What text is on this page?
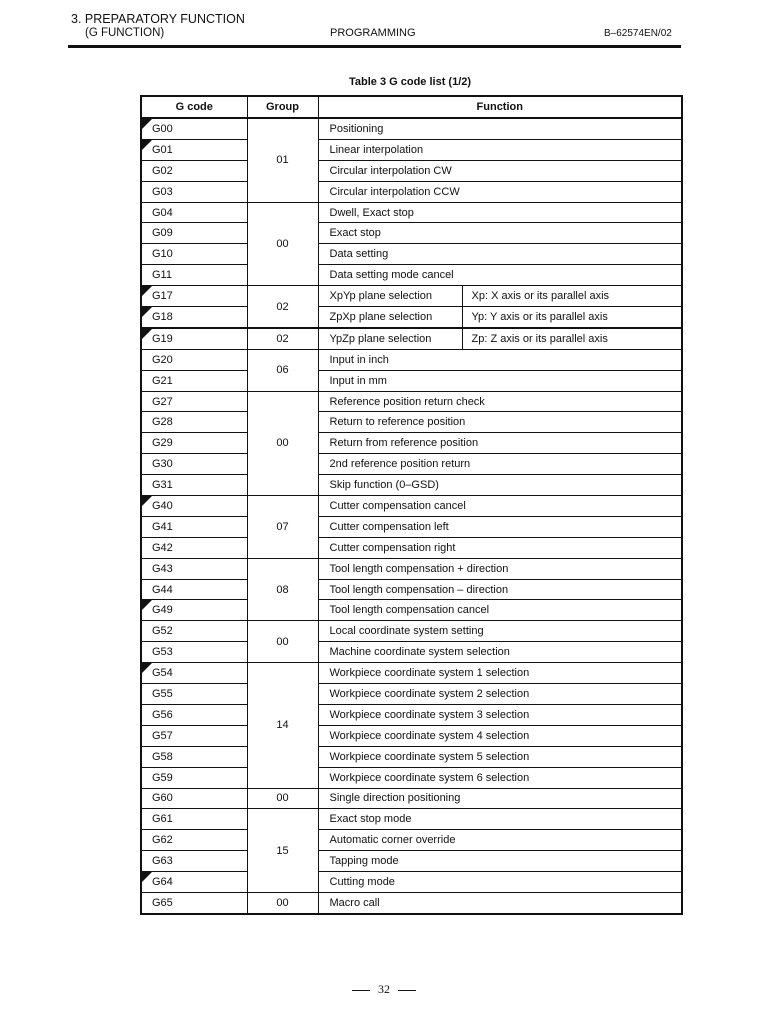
3. PREPARATORY FUNCTION
(G FUNCTION)	PROGRAMMING	B–62574EN/02
Table 3 G code list (1/2)
G code	Group	Function	

G00	01	Positioning	

G01		Linear interpolation	
G02		Circular interpolation CW	
G03		Circular interpolation CCW	
G04	00	Dwell, Exact stop	
G09		Exact stop	
G10		Data setting	
G11		Data setting mode cancel	

G17	02	XpYp plane selection	Xp: X axis or its parallel axis

G18		ZpXp plane selection	Yp: Y axis or its parallel axis

G19	02	YpZp plane selection	Zp: Z axis or its parallel axis
G20	06	Input in inch	
G21		Input in mm	
G27	00	Reference position return check	
G28		Return to reference position	
G29		Return from reference position	
G30		2nd reference position return	
G31		Skip function (0–GSD)	

G40	07	Cutter compensation cancel	
G41		Cutter compensation left	
G42		Cutter compensation right	
G43	08	Tool length compensation + direction	
G44		Tool length compensation – direction	

G49		Tool length compensation cancel	
G52	00	Local coordinate system setting	
G53		Machine coordinate system selection	

G54	14	Workpiece coordinate system 1 selection	
G55		Workpiece coordinate system 2 selection	
G56		Workpiece coordinate system 3 selection	
G57		Workpiece coordinate system 4 selection	
G58		Workpiece coordinate system 5 selection	
G59		Workpiece coordinate system 6 selection	
G60	00	Single direction positioning	
G61	15	Exact stop mode	
G62		Automatic corner override	
G63		Tapping mode	

G64		Cutting mode	
G65	00	Macro call	
32
